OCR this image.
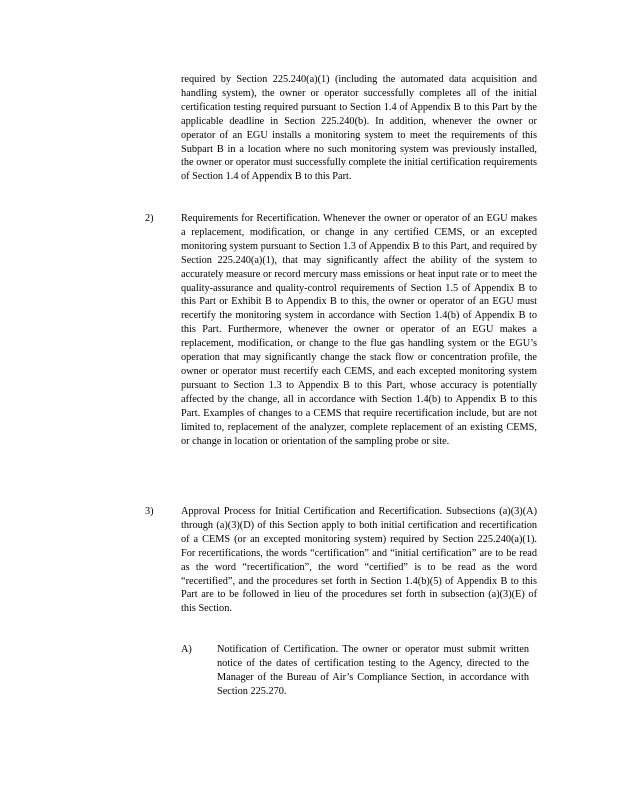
required by Section 225.240(a)(1) (including the automated data acquisition and handling system), the owner or operator successfully completes all of the initial certification testing required pursuant to Section 1.4 of Appendix B to this Part by the applicable deadline in Section 225.240(b). In addition, whenever the owner or operator of an EGU installs a monitoring system to meet the requirements of this Subpart B in a location where no such monitoring system was previously installed, the owner or operator must successfully complete the initial certification requirements of Section 1.4 of Appendix B to this Part.
2)	Requirements for Recertification. Whenever the owner or operator of an EGU makes a replacement, modification, or change in any certified CEMS, or an excepted monitoring system pursuant to Section 1.3 of Appendix B to this Part, and required by Section 225.240(a)(1), that may significantly affect the ability of the system to accurately measure or record mercury mass emissions or heat input rate or to meet the quality-assurance and quality-control requirements of Section 1.5 of Appendix B to this Part or Exhibit B to Appendix B to this, the owner or operator of an EGU must recertify the monitoring system in accordance with Section 1.4(b) of Appendix B to this Part. Furthermore, whenever the owner or operator of an EGU makes a replacement, modification, or change to the flue gas handling system or the EGU’s operation that may significantly change the stack flow or concentration profile, the owner or operator must recertify each CEMS, and each excepted monitoring system pursuant to Section 1.3 to Appendix B to this Part, whose accuracy is potentially affected by the change, all in accordance with Section 1.4(b) to Appendix B to this Part. Examples of changes to a CEMS that require recertification include, but are not limited to, replacement of the analyzer, complete replacement of an existing CEMS, or change in location or orientation of the sampling probe or site.
3)	Approval Process for Initial Certification and Recertification. Subsections (a)(3)(A) through (a)(3)(D) of this Section apply to both initial certification and recertification of a CEMS (or an excepted monitoring system) required by Section 225.240(a)(1). For recertifications, the words “certification” and “initial certification” are to be read as the word “recertification”, the word “certified” is to be read as the word “recertified”, and the procedures set forth in Section 1.4(b)(5) of Appendix B to this Part are to be followed in lieu of the procedures set forth in subsection (a)(3)(E) of this Section.
A) Notification of Certification. The owner or operator must submit written notice of the dates of certification testing to the Agency, directed to the Manager of the Bureau of Air’s Compliance Section, in accordance with Section 225.270.
